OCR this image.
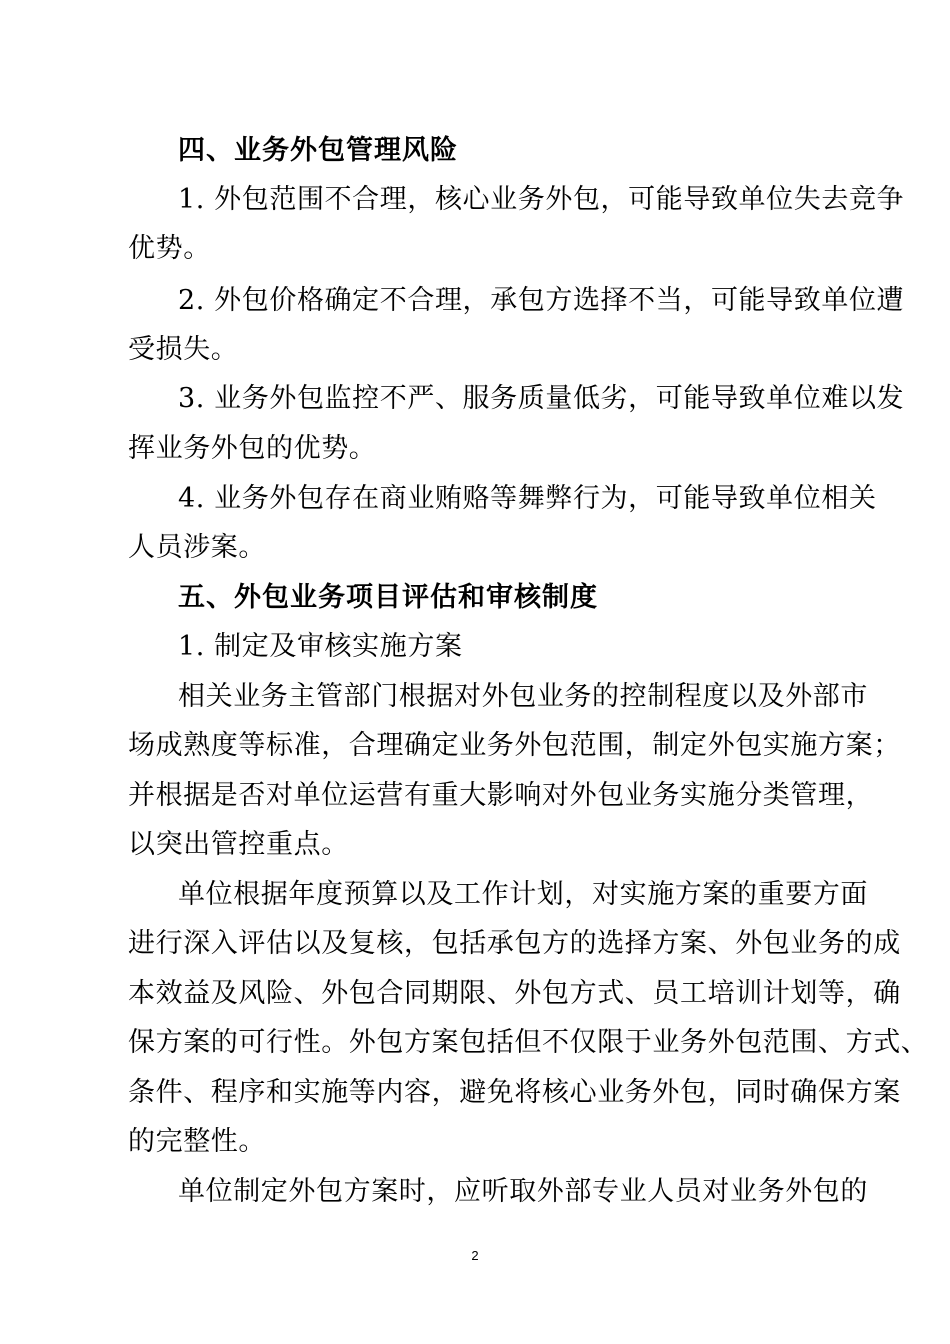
四、业务外包管理风险
1. 外包范围不合理，核心业务外包，可能导致单位失去竞争
优势。
2. 外包价格确定不合理，承包方选择不当，可能导致单位遭
受损失。
3. 业务外包监控不严、服务质量低劣，可能导致单位难以发
挥业务外包的优势。
4. 业务外包存在商业贿赂等舞弊行为，可能导致单位相关
人员涉案。
五、外包业务项目评估和审核制度
1. 制定及审核实施方案
相关业务主管部门根据对外包业务的控制程度以及外部市
场成熟度等标准，合理确定业务外包范围，制定外包实施方案；
并根据是否对单位运营有重大影响对外包业务实施分类管理，
以突出管控重点。
单位根据年度预算以及工作计划，对实施方案的重要方面
进行深入评估以及复核，包括承包方的选择方案、外包业务的成
本效益及风险、外包合同期限、外包方式、员工培训计划等，确
保方案的可行性。外包方案包括但不仅限于业务外包范围、方式、
条件、程序和实施等内容，避免将核心业务外包，同时确保方案
的完整性。
单位制定外包方案时，应听取外部专业人员对业务外包的
2
